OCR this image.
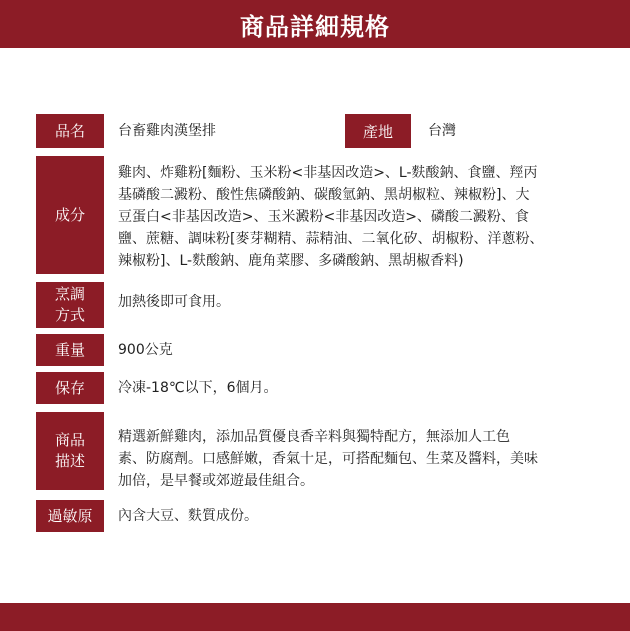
商品詳細規格
品名 台畜雞肉漢堡排	產地	台灣
成分
雞肉、炸雞粉[麵粉、玉米粉<非基因改造>、L-麩酸鈉、食鹽、羥丙
基磷酸二澱粉、酸性焦磷酸鈉、碳酸氫鈉、黑胡椒粒、辣椒粉]、大
豆蛋白<非基因改造>、玉米澱粉<非基因改造>、磷酸二澱粉、食
鹽、蔗糖、調味粉[麥芽糊精、蒜精油、二氧化矽、胡椒粉、洋蔥粉、
辣椒粉]、L-麩酸鈉、鹿角菜膠、多磷酸鈉、黑胡椒香料)
烹調
方式
加熱後即可食用。
重量 900公克
保存 冷凍-18℃以下，6個月。
商品
描述
精選新鮮雞肉，添加品質優良香辛料與獨特配方，無添加人工色
素、防腐劑。口感鮮嫩，香氣十足，可搭配麵包、生菜及醬料，美味
加倍，是早餐或郊遊最佳組合。
過敏原 內含大豆、麩質成份。
